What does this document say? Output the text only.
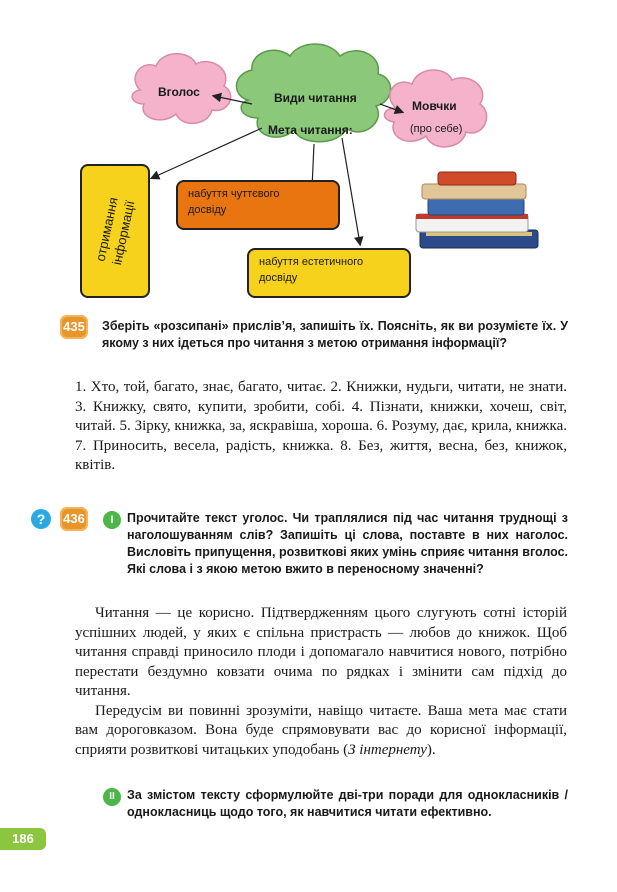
Види читання
Мета читання:
Вголос
Мовчки
(про себе)
отримання інформації
набуття чуттєвого
досвіду
набуття естетичного
досвіду
435 Зберіть «розсипані» прислів’я, запишіть їх. Поясніть, як ви розумієте їх. У якому з них ідеться про читання з метою отримання інформації?
1. Хто, той, багато, знає, багато, читає. 2. Книжки, нудьги, читати, не знати. 3. Книжку, свято, купити, зробити, собі. 4. Пізнати, книжки, хочеш, світ, читай. 5. Зірку, книжка, за, яскравіша, хороша. 6. Розуму, дає, крила, книжка. 7. Приносить, весела, радість, книжка. 8. Без, життя, весна, без, книжок, квітів.
?	436	I	Прочитайте текст уголос. Чи траплялися під час читання труднощі з наголошуванням слів? Запишіть ці слова, поставте в них наголос. Висловіть припущення, розвиткові яких умінь сприяє читання вголос. Які слова і з якою метою вжито в переносному значенні?
Читання — це корисно. Підтвердженням цього слугують сотні історій успішних людей, у яких є спільна пристрасть — любов до книжок. Щоб читання справді приносило плоди і допомагало навчитися нового, потрібно перестати бездумно ковзати очима по рядках і змінити сам підхід до читання.
Передусім ви повинні зрозуміти, навіщо читаєте. Ваша мета має стати вам дороговказом. Вона буде спрямовувати вас до корисної інформації, сприяти розвиткові читацьких уподобань (З інтернету).
II За змістом тексту сформулюйте дві-три поради для однокласників / однокласниць щодо того, як навчитися читати ефективно.
186
